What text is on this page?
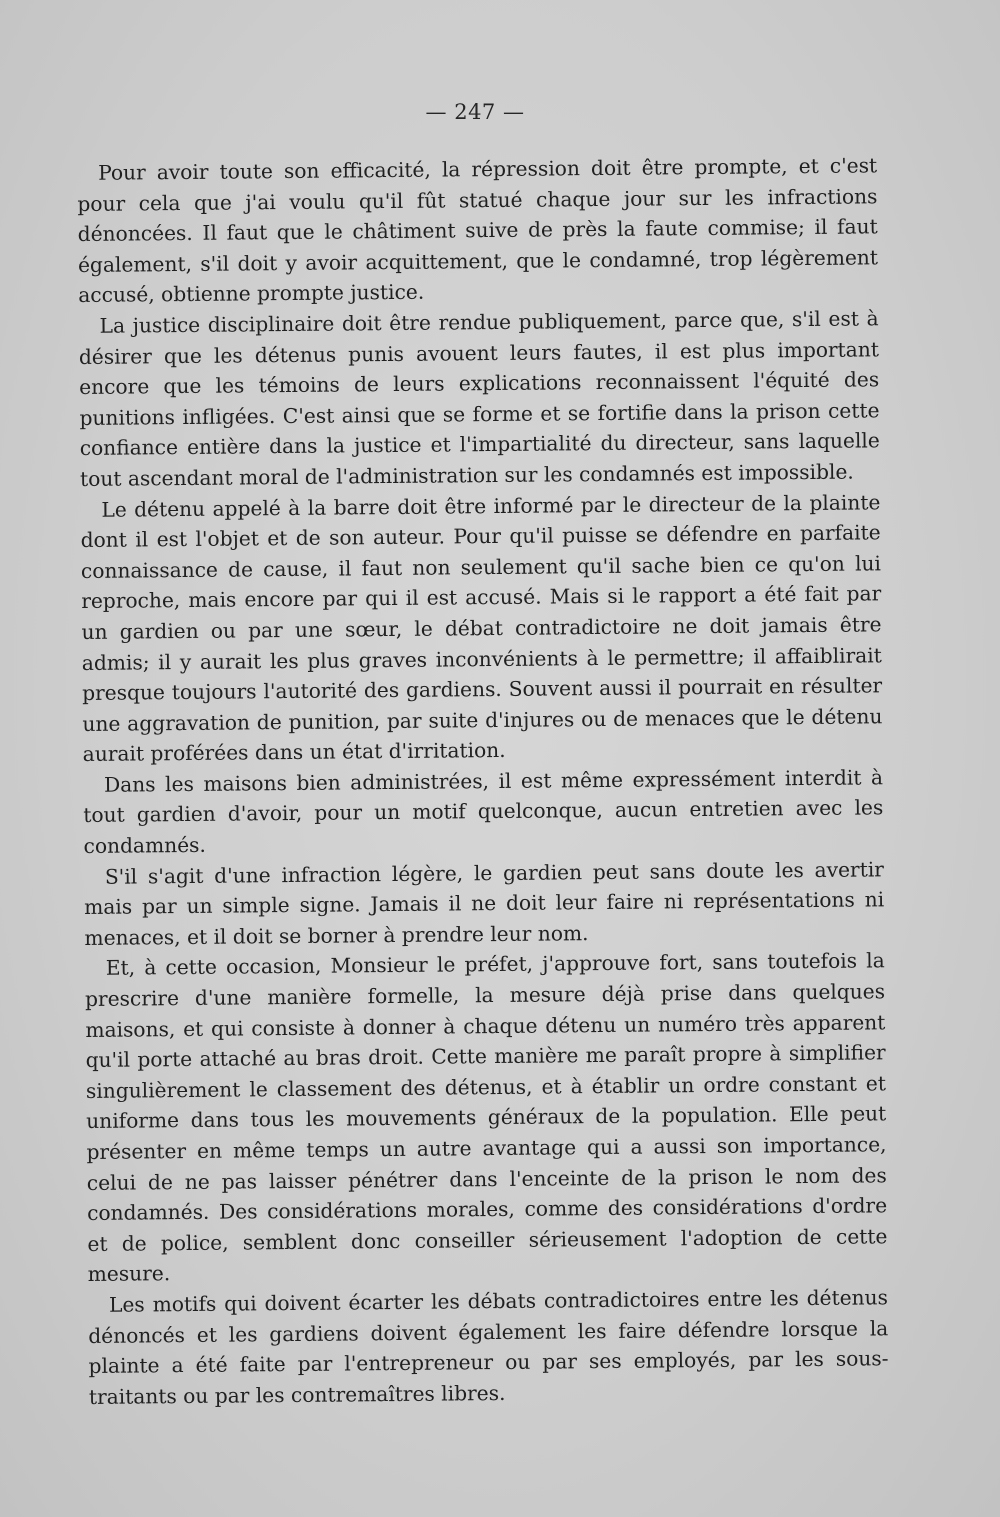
— 247 —

Pour avoir toute son efficacité, la répression doit être prompte, et c'est pour cela que j'ai voulu qu'il fût statué chaque jour sur les infractions dénoncées. Il faut que le châtiment suive de près la faute commise; il faut également, s'il doit y avoir acquittement, que le condamné, trop légèrement accusé, obtienne prompte justice.

La justice disciplinaire doit être rendue publiquement, parce que, s'il est à désirer que les détenus punis avouent leurs fautes, il est plus important encore que les témoins de leurs explications reconnaissent l'équité des punitions infligées. C'est ainsi que se forme et se fortifie dans la prison cette confiance entière dans la justice et l'impartialité du directeur, sans laquelle tout ascendant moral de l'administration sur les condamnés est impossible.

Le détenu appelé à la barre doit être informé par le directeur de la plainte dont il est l'objet et de son auteur. Pour qu'il puisse se défendre en parfaite connaissance de cause, il faut non seulement qu'il sache bien ce qu'on lui reproche, mais encore par qui il est accusé. Mais si le rapport a été fait par un gardien ou par une sœur, le débat contradictoire ne doit jamais être admis; il y aurait les plus graves inconvénients à le permettre; il affaiblirait presque toujours l'autorité des gardiens. Souvent aussi il pourrait en résulter une aggravation de punition, par suite d'injures ou de menaces que le détenu aurait proférées dans un état d'irritation.

Dans les maisons bien administrées, il est même expressément interdit à tout gardien d'avoir, pour un motif quelconque, aucun entretien avec les condamnés.

S'il s'agit d'une infraction légère, le gardien peut sans doute les avertir mais par un simple signe. Jamais il ne doit leur faire ni représentations ni menaces, et il doit se borner à prendre leur nom.

Et, à cette occasion, Monsieur le préfet, j'approuve fort, sans toutefois la prescrire d'une manière formelle, la mesure déjà prise dans quelques maisons, et qui consiste à donner à chaque détenu un numéro très apparent qu'il porte attaché au bras droit. Cette manière me paraît propre à simplifier singulièrement le classement des détenus, et à établir un ordre constant et uniforme dans tous les mouvements généraux de la population. Elle peut présenter en même temps un autre avantage qui a aussi son importance, celui de ne pas laisser pénétrer dans l'enceinte de la prison le nom des condamnés. Des considérations morales, comme des considérations d'ordre et de police, semblent donc conseiller sérieusement l'adoption de cette mesure.

Les motifs qui doivent écarter les débats contradictoires entre les détenus dénoncés et les gardiens doivent également les faire défendre lorsque la plainte a été faite par l'entrepreneur ou par ses employés, par les sous-traitants ou par les contremaîtres libres.
